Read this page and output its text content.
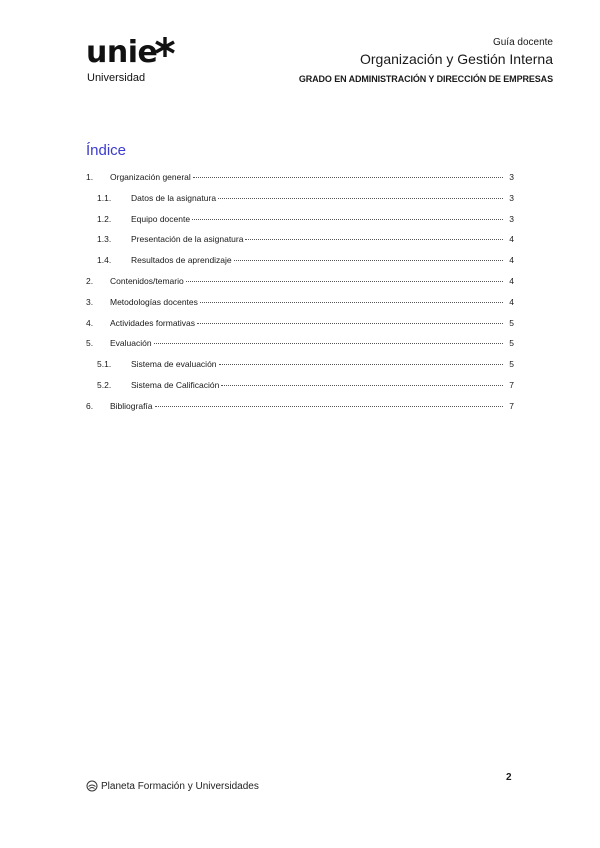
unie
Universidad
Guía docente
Organización y Gestión Interna
GRADO EN ADMINISTRACIÓN Y DIRECCIÓN DE EMPRESAS
Índice
1.	Organización general	3
1.1.	Datos de la asignatura	3
1.2.	Equipo docente	3
1.3.	Presentación de la asignatura	4
1.4.	Resultados de aprendizaje	4
2.	Contenidos/temario	4
3.	Metodologías docentes	4
4.	Actividades formativas	5
5.	Evaluación	5
5.1.	Sistema de evaluación	5
5.2.	Sistema de Calificación	7
6.	Bibliografía	7
2
Planeta Formación y Universidades
